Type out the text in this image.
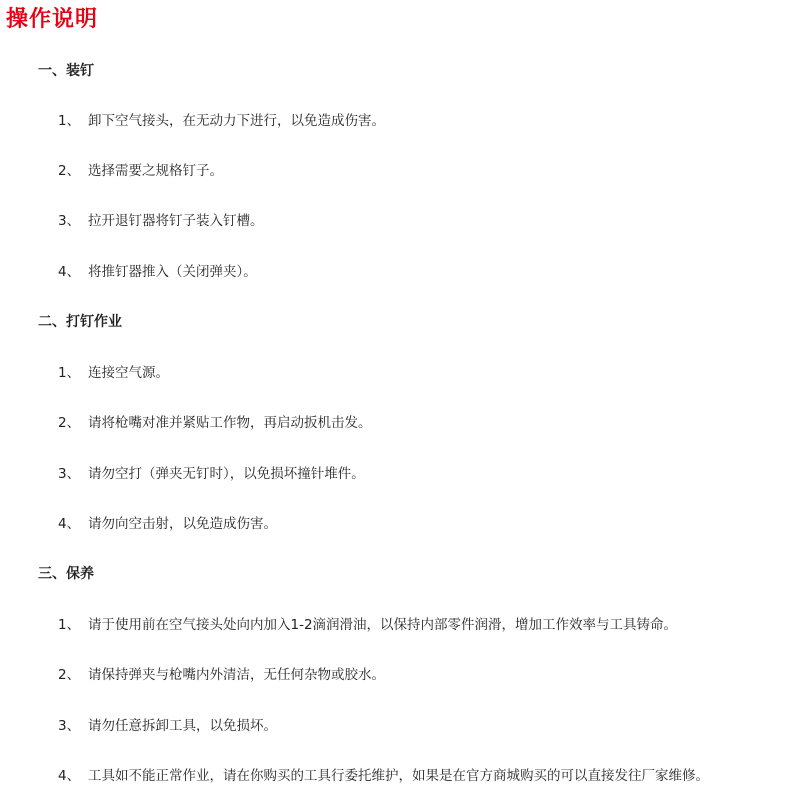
操作说明
一、装钉
1、 卸下空气接头，在无动力下进行，以免造成伤害。
2、 选择需要之规格钉子。
3、 拉开退钉器将钉子装入钉槽。
4、 将推钉器推入（关闭弹夹）。
二、打钉作业
1、 连接空气源。
2、 请将枪嘴对准并紧贴工作物，再启动扳机击发。
3、 请勿空打（弹夹无钉时），以免损坏撞针堆件。
4、 请勿向空击射，以免造成伤害。
三、保养
1、 请于使用前在空气接头处向内加入1-2滴润滑油，以保持内部零件润滑，增加工作效率与工具铸命。
2、 请保持弹夹与枪嘴内外清洁，无任何杂物或胶水。
3、 请勿任意拆卸工具，以免损坏。
4、 工具如不能正常作业，请在你购买的工具行委托维护，如果是在官方商城购买的可以直接发往厂家维修。
